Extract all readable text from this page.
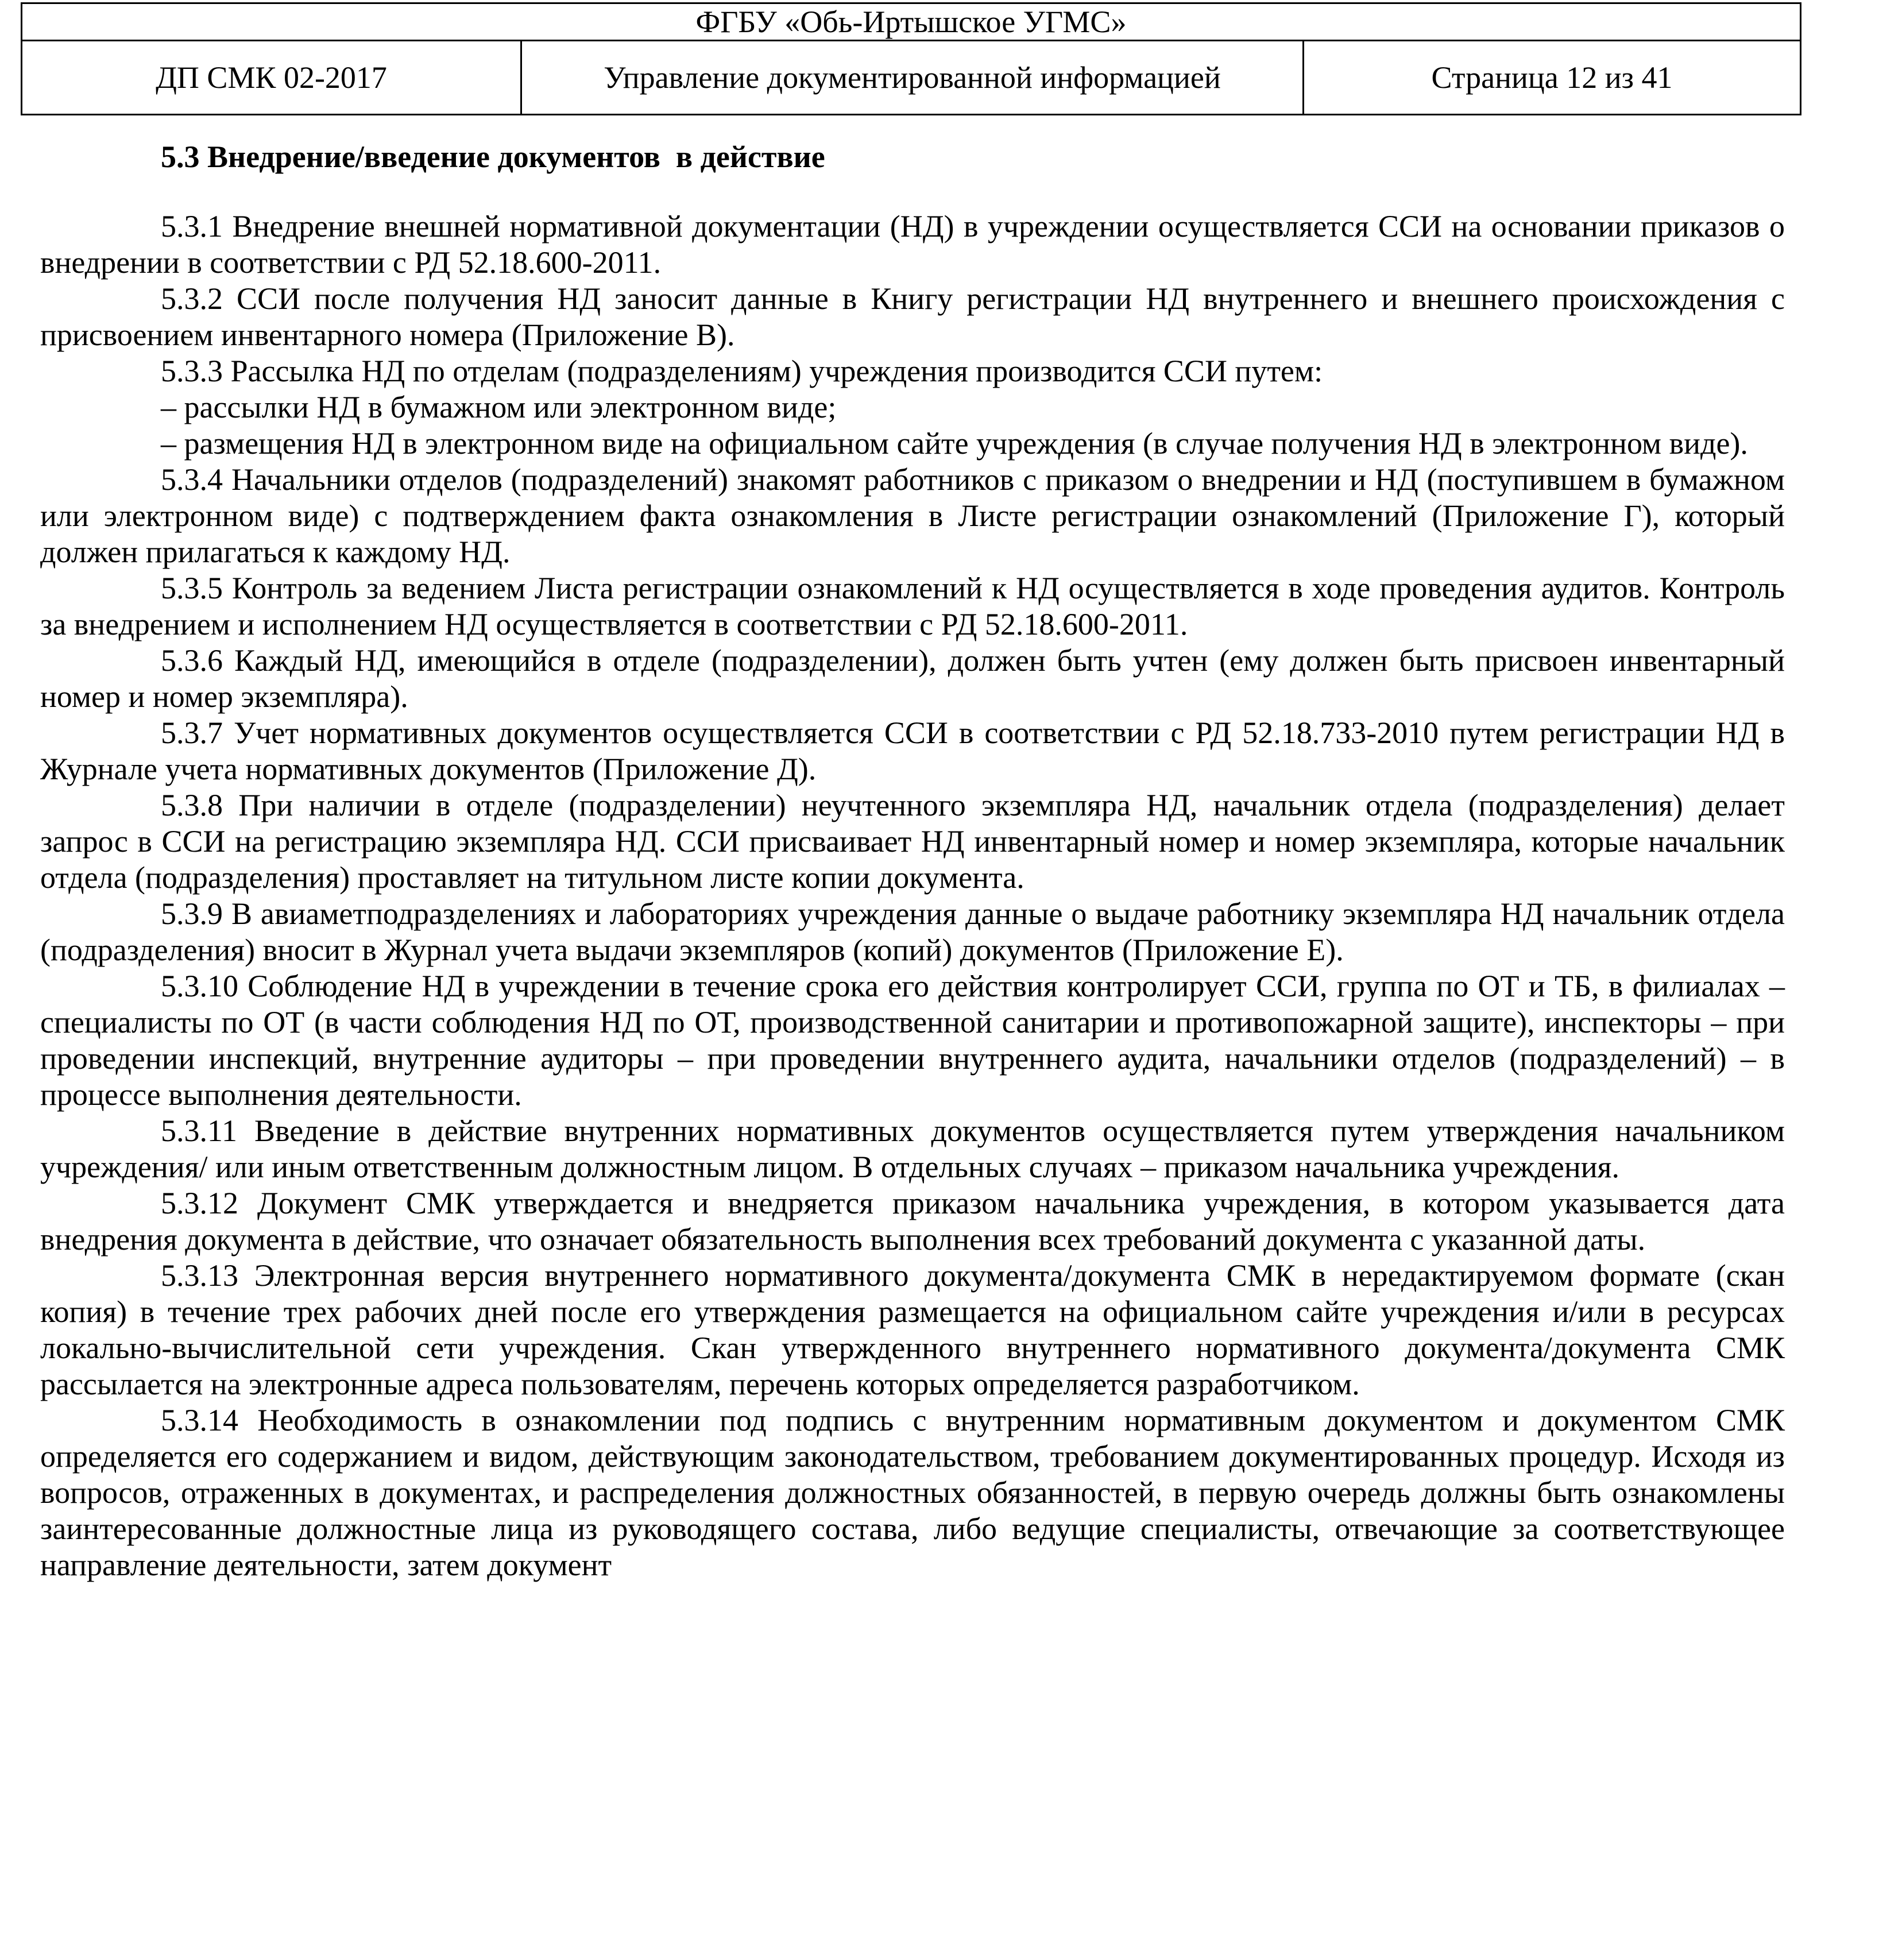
ФГБУ «Обь-Иртышское УГМС»
ДП СМК 02-2017	Управление документированной информацией	Страница 12 из 41
5.3 Внедрение/введение документов  в действие

5.3.1 Внедрение внешней нормативной документации (НД) в учреждении осуществляется ССИ на основании приказов о внедрении в соответствии с РД 52.18.600-2011.

5.3.2 ССИ после получения НД заносит данные в Книгу регистрации НД внутреннего и внешнего происхождения с присвоением инвентарного номера (Приложение В).

5.3.3 Рассылка НД по отделам (подразделениям) учреждения производится ССИ путем:

– рассылки НД в бумажном или электронном виде;

– размещения НД в электронном виде на официальном сайте учреждения (в случае получения НД в электронном виде).

5.3.4 Начальники отделов (подразделений) знакомят работников с приказом о внедрении и НД (поступившем в бумажном или электронном виде) с подтверждением факта ознакомления в Листе регистрации ознакомлений (Приложение Г), который должен прилагаться к каждому НД.

5.3.5 Контроль за ведением Листа регистрации ознакомлений к НД осуществляется в ходе проведения аудитов. Контроль за внедрением и исполнением НД осуществляется в соответствии с РД 52.18.600-2011.

5.3.6 Каждый НД, имеющийся в отделе (подразделении), должен быть учтен (ему должен быть присвоен инвентарный номер и номер экземпляра).

5.3.7 Учет нормативных документов осуществляется ССИ в соответствии с РД 52.18.733-2010 путем регистрации НД в Журнале учета нормативных документов (Приложение Д).

5.3.8 При наличии в отделе (подразделении) неучтенного экземпляра НД, начальник отдела (подразделения) делает запрос в ССИ на регистрацию экземпляра НД. ССИ присваивает НД инвентарный номер и номер экземпляра, которые начальник отдела (подразделения) проставляет на титульном листе копии документа.

5.3.9 В авиаметподразделениях и лабораториях учреждения данные о выдаче работнику экземпляра НД начальник отдела (подразделения) вносит в Журнал учета выдачи экземпляров (копий) документов (Приложение Е).

5.3.10 Соблюдение НД в учреждении в течение срока его действия контролирует ССИ, группа по ОТ и ТБ, в филиалах – специалисты по ОТ (в части соблюдения НД по ОТ, производственной санитарии и противопожарной защите), инспекторы – при проведении инспекций, внутренние аудиторы – при проведении внутреннего аудита, начальники отделов (подразделений) – в процессе выполнения деятельности.

5.3.11 Введение в действие внутренних нормативных документов осуществляется путем утверждения начальником учреждения/ или иным ответственным должностным лицом. В отдельных случаях – приказом начальника учреждения.

5.3.12 Документ СМК утверждается и внедряется приказом начальника учреждения, в котором указывается дата внедрения документа в действие, что означает обязательность выполнения всех требований документа с указанной даты.

5.3.13 Электронная версия внутреннего нормативного документа/документа СМК в нередактируемом формате (скан копия) в течение трех рабочих дней после его утверждения размещается на официальном сайте учреждения и/или в ресурсах локально-вычислительной сети учреждения. Скан утвержденного внутреннего нормативного документа/документа СМК рассылается на электронные адреса пользователям, перечень которых определяется разработчиком.

5.3.14 Необходимость в ознакомлении под подпись с внутренним нормативным документом и документом СМК определяется его содержанием и видом, действующим законодательством, требованием документированных процедур. Исходя из вопросов, отраженных в документах, и распределения должностных обязанностей, в первую очередь должны быть ознакомлены заинтересованные должностные лица из руководящего состава, либо ведущие специалисты, отвечающие за соответствующее направление деятельности, затем документ
